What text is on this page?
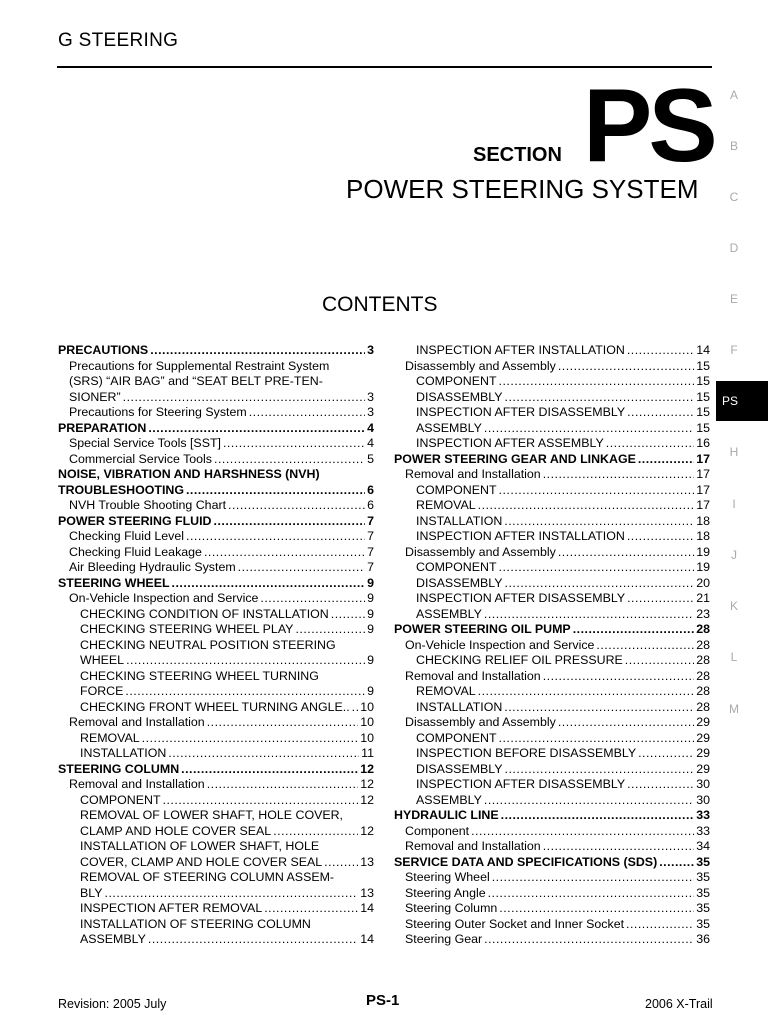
G STEERING
SECTION PS
POWER STEERING SYSTEM
CONTENTS
A
B
C
D
E
F
H
I
J
K
L
M
PS
PRECAUTIONS .....	3
Precautions for Supplemental Restraint System
(SRS) “AIR BAG” and “SEAT BELT PRE-TEN-
SIONER” .....	3
Precautions for Steering System .....	3
PREPARATION .....	4
Special Service Tools [SST] .....	4
Commercial Service Tools .....	5
NOISE, VIBRATION AND HARSHNESS (NVH)
TROUBLESHOOTING .....	6
NVH Trouble Shooting Chart .....	6
POWER STEERING FLUID .....	7
Checking Fluid Level .....	7
Checking Fluid Leakage .....	7
Air Bleeding Hydraulic System .....	7
STEERING WHEEL .....	9
On-Vehicle Inspection and Service .....	9
CHECKING CONDITION OF INSTALLATION .....	9
CHECKING STEERING WHEEL PLAY .....	9
CHECKING NEUTRAL POSITION STEERING
WHEEL .....	9
CHECKING STEERING WHEEL TURNING
FORCE .....	9
CHECKING FRONT WHEEL TURNING ANGLE.. ..... 10
Removal and Installation .....	10
REMOVAL .....	10
INSTALLATION .....	11
STEERING COLUMN .....	12
Removal and Installation .....	12
COMPONENT .....	12
REMOVAL OF LOWER SHAFT, HOLE COVER,
CLAMP AND HOLE COVER SEAL .....	12
INSTALLATION OF LOWER SHAFT, HOLE
COVER, CLAMP AND HOLE COVER SEAL .....	13
REMOVAL OF STEERING COLUMN ASSEM-
BLY .....	13
INSPECTION AFTER REMOVAL .....	14
INSTALLATION OF STEERING COLUMN
ASSEMBLY .....	14
INSPECTION AFTER INSTALLATION .....	14
Disassembly and Assembly .....	15
COMPONENT .....	15
DISASSEMBLY .....	15
INSPECTION AFTER DISASSEMBLY .....	15
ASSEMBLY .....	15
INSPECTION AFTER ASSEMBLY .....	16
POWER STEERING GEAR AND LINKAGE .....	17
Removal and Installation .....	17
COMPONENT .....	17
REMOVAL .....	17
INSTALLATION .....	18
INSPECTION AFTER INSTALLATION .....	18
Disassembly and Assembly .....	19
COMPONENT .....	19
DISASSEMBLY .....	20
INSPECTION AFTER DISASSEMBLY .....	21
ASSEMBLY .....	23
POWER STEERING OIL PUMP .....	28
On-Vehicle Inspection and Service .....	28
CHECKING RELIEF OIL PRESSURE .....	28
Removal and Installation .....	28
REMOVAL .....	28
INSTALLATION .....	28
Disassembly and Assembly .....	29
COMPONENT .....	29
INSPECTION BEFORE DISASSEMBLY .....	29
DISASSEMBLY .....	29
INSPECTION AFTER DISASSEMBLY .....	30
ASSEMBLY .....	30
HYDRAULIC LINE .....	33
Component .....	33
Removal and Installation .....	34
SERVICE DATA AND SPECIFICATIONS (SDS) .....	35
Steering Wheel .....	35
Steering Angle .....	35
Steering Column .....	35
Steering Outer Socket and Inner Socket .....	35
Steering Gear .....	36
Revision: 2005 July	PS-1	2006 X-Trail
